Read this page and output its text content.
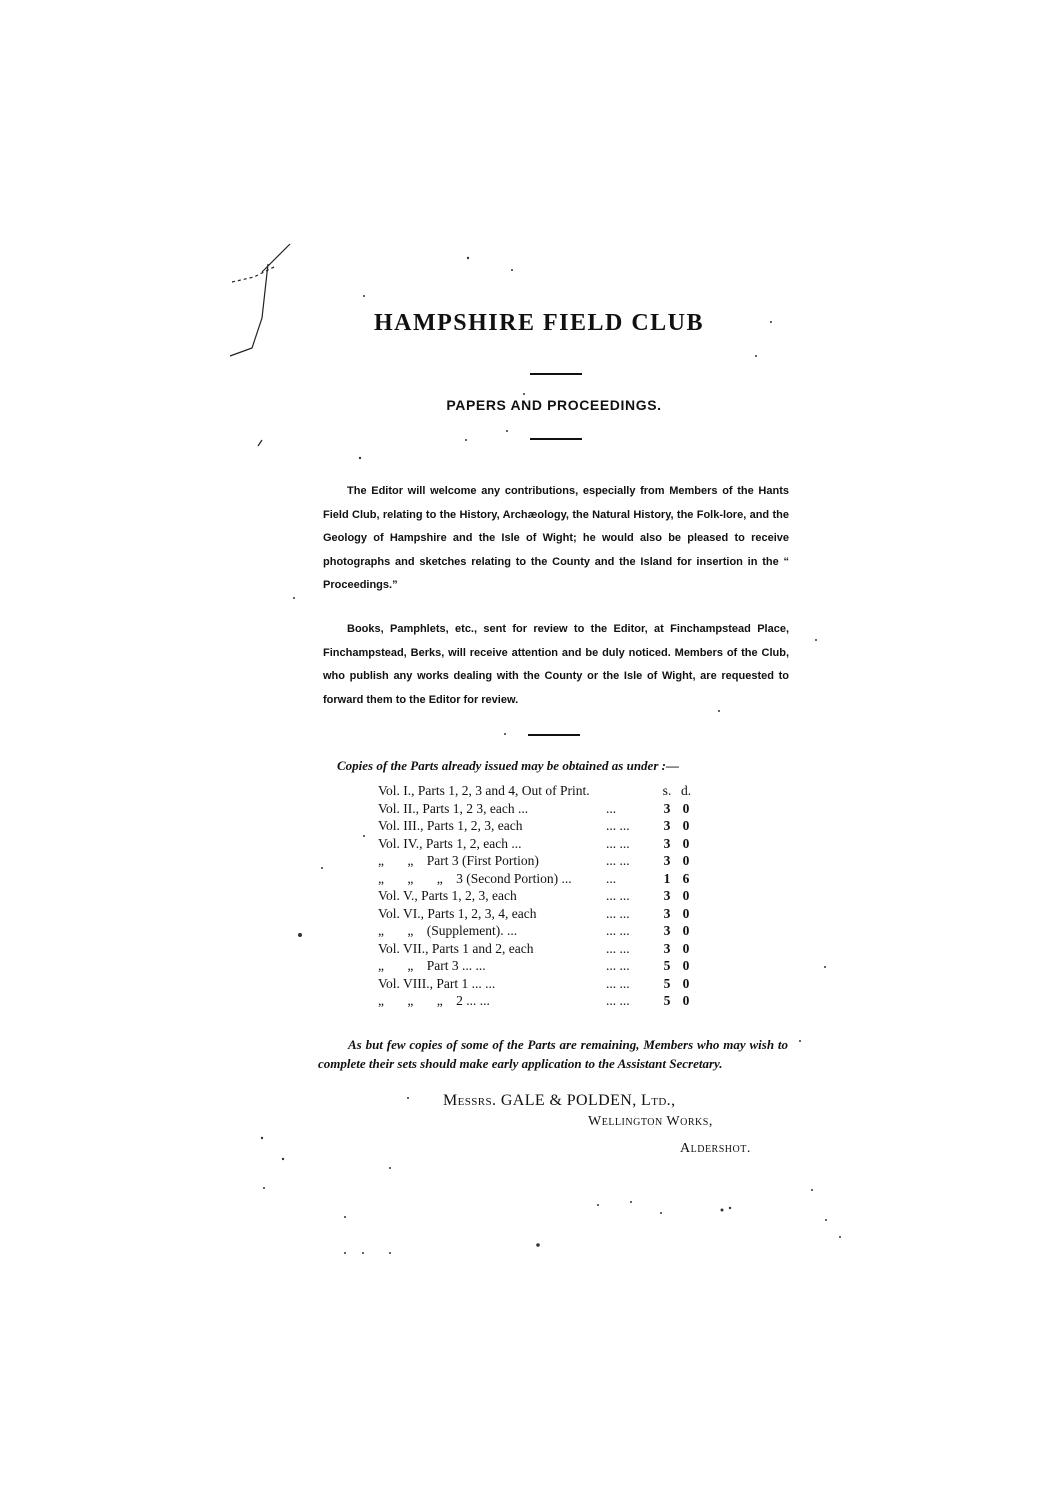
HAMPSHIRE FIELD CLUB
PAPERS AND PROCEEDINGS.

The Editor will welcome any contributions, especially from Members of the Hants Field Club, relating to the History, Archæology, the Natural History, the Folk-lore, and the Geology of Hampshire and the Isle of Wight; he would also be pleased to receive photographs and sketches relating to the County and the Island for insertion in the “ Proceedings.”

Books, Pamphlets, etc., sent for review to the Editor, at Finchampstead Place, Finchampstead, Berks, will receive attention and be duly noticed. Members of the Club, who publish any works dealing with the County or the Isle of Wight, are requested to forward them to the Editor for review.

Copies of the Parts already issued may be obtained as under :—
Vol. I., Parts 1, 2, 3 and 4, Out of Print.		s.	d.
Vol. II., Parts 1, 2 3, each ...	...	3	0
Vol. III., Parts 1, 2, 3, each	... ...	3	0
Vol. IV., Parts 1, 2, each ...	... ...	3	0
„ „ Part 3 (First Portion)	... ...	3	0
„ „ „ 3 (Second Portion) ...	...	1	6
Vol. V., Parts 1, 2, 3, each	... ...	3	0
Vol. VI., Parts 1, 2, 3, 4, each	... ...	3	0
„ „ (Supplement). ...	... ...	3	0
Vol. VII., Parts 1 and 2, each	... ...	3	0
„ „ Part 3 ... ...	... ...	5	0
Vol. VIII., Part 1 ... ...	... ...	5	0
„ „ „ 2 ... ...	... ...	5	0

As but few copies of some of the Parts are remaining, Members who may wish to complete their sets should make early application to the Assistant Secretary.

Messrs. GALE & POLDEN, Ltd.,
Wellington Works,
Aldershot.
